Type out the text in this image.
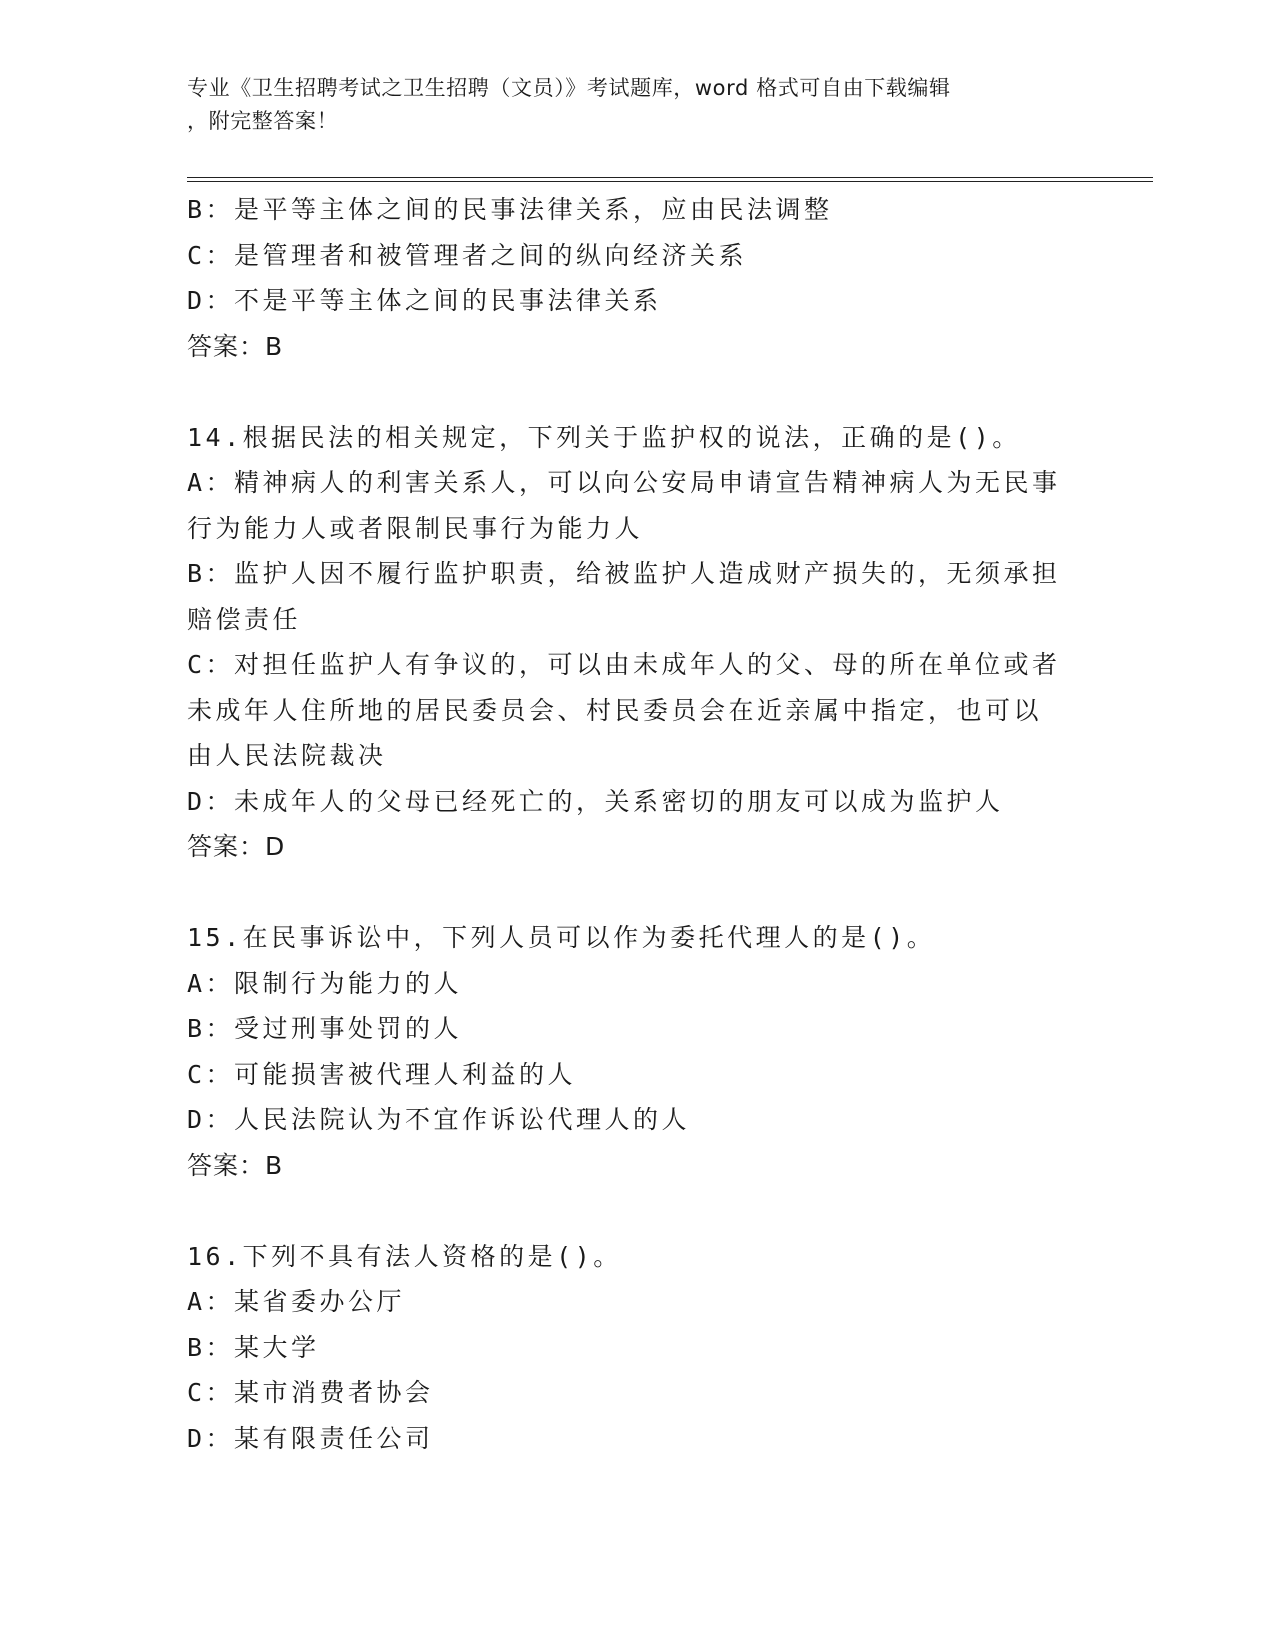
专业《卫生招聘考试之卫生招聘（文员）》考试题库，word 格式可自由下载编辑
，附完整答案！
B：是平等主体之间的民事法律关系，应由民法调整
C：是管理者和被管理者之间的纵向经济关系
D：不是平等主体之间的民事法律关系
答案：B
14.根据民法的相关规定，下列关于监护权的说法，正确的是()。
A：精神病人的利害关系人，可以向公安局申请宣告精神病人为无民事行为能力人或者限制民事行为能力人
B：监护人因不履行监护职责，给被监护人造成财产损失的，无须承担赔偿责任
C：对担任监护人有争议的，可以由未成年人的父、母的所在单位或者未成年人住所地的居民委员会、村民委员会在近亲属中指定，也可以由人民法院裁决
D：未成年人的父母已经死亡的，关系密切的朋友可以成为监护人
答案：D
15.在民事诉讼中，下列人员可以作为委托代理人的是()。
A：限制行为能力的人
B：受过刑事处罚的人
C：可能损害被代理人利益的人
D：人民法院认为不宜作诉讼代理人的人
答案：B
16.下列不具有法人资格的是()。
A：某省委办公厅
B：某大学
C：某市消费者协会
D：某有限责任公司
